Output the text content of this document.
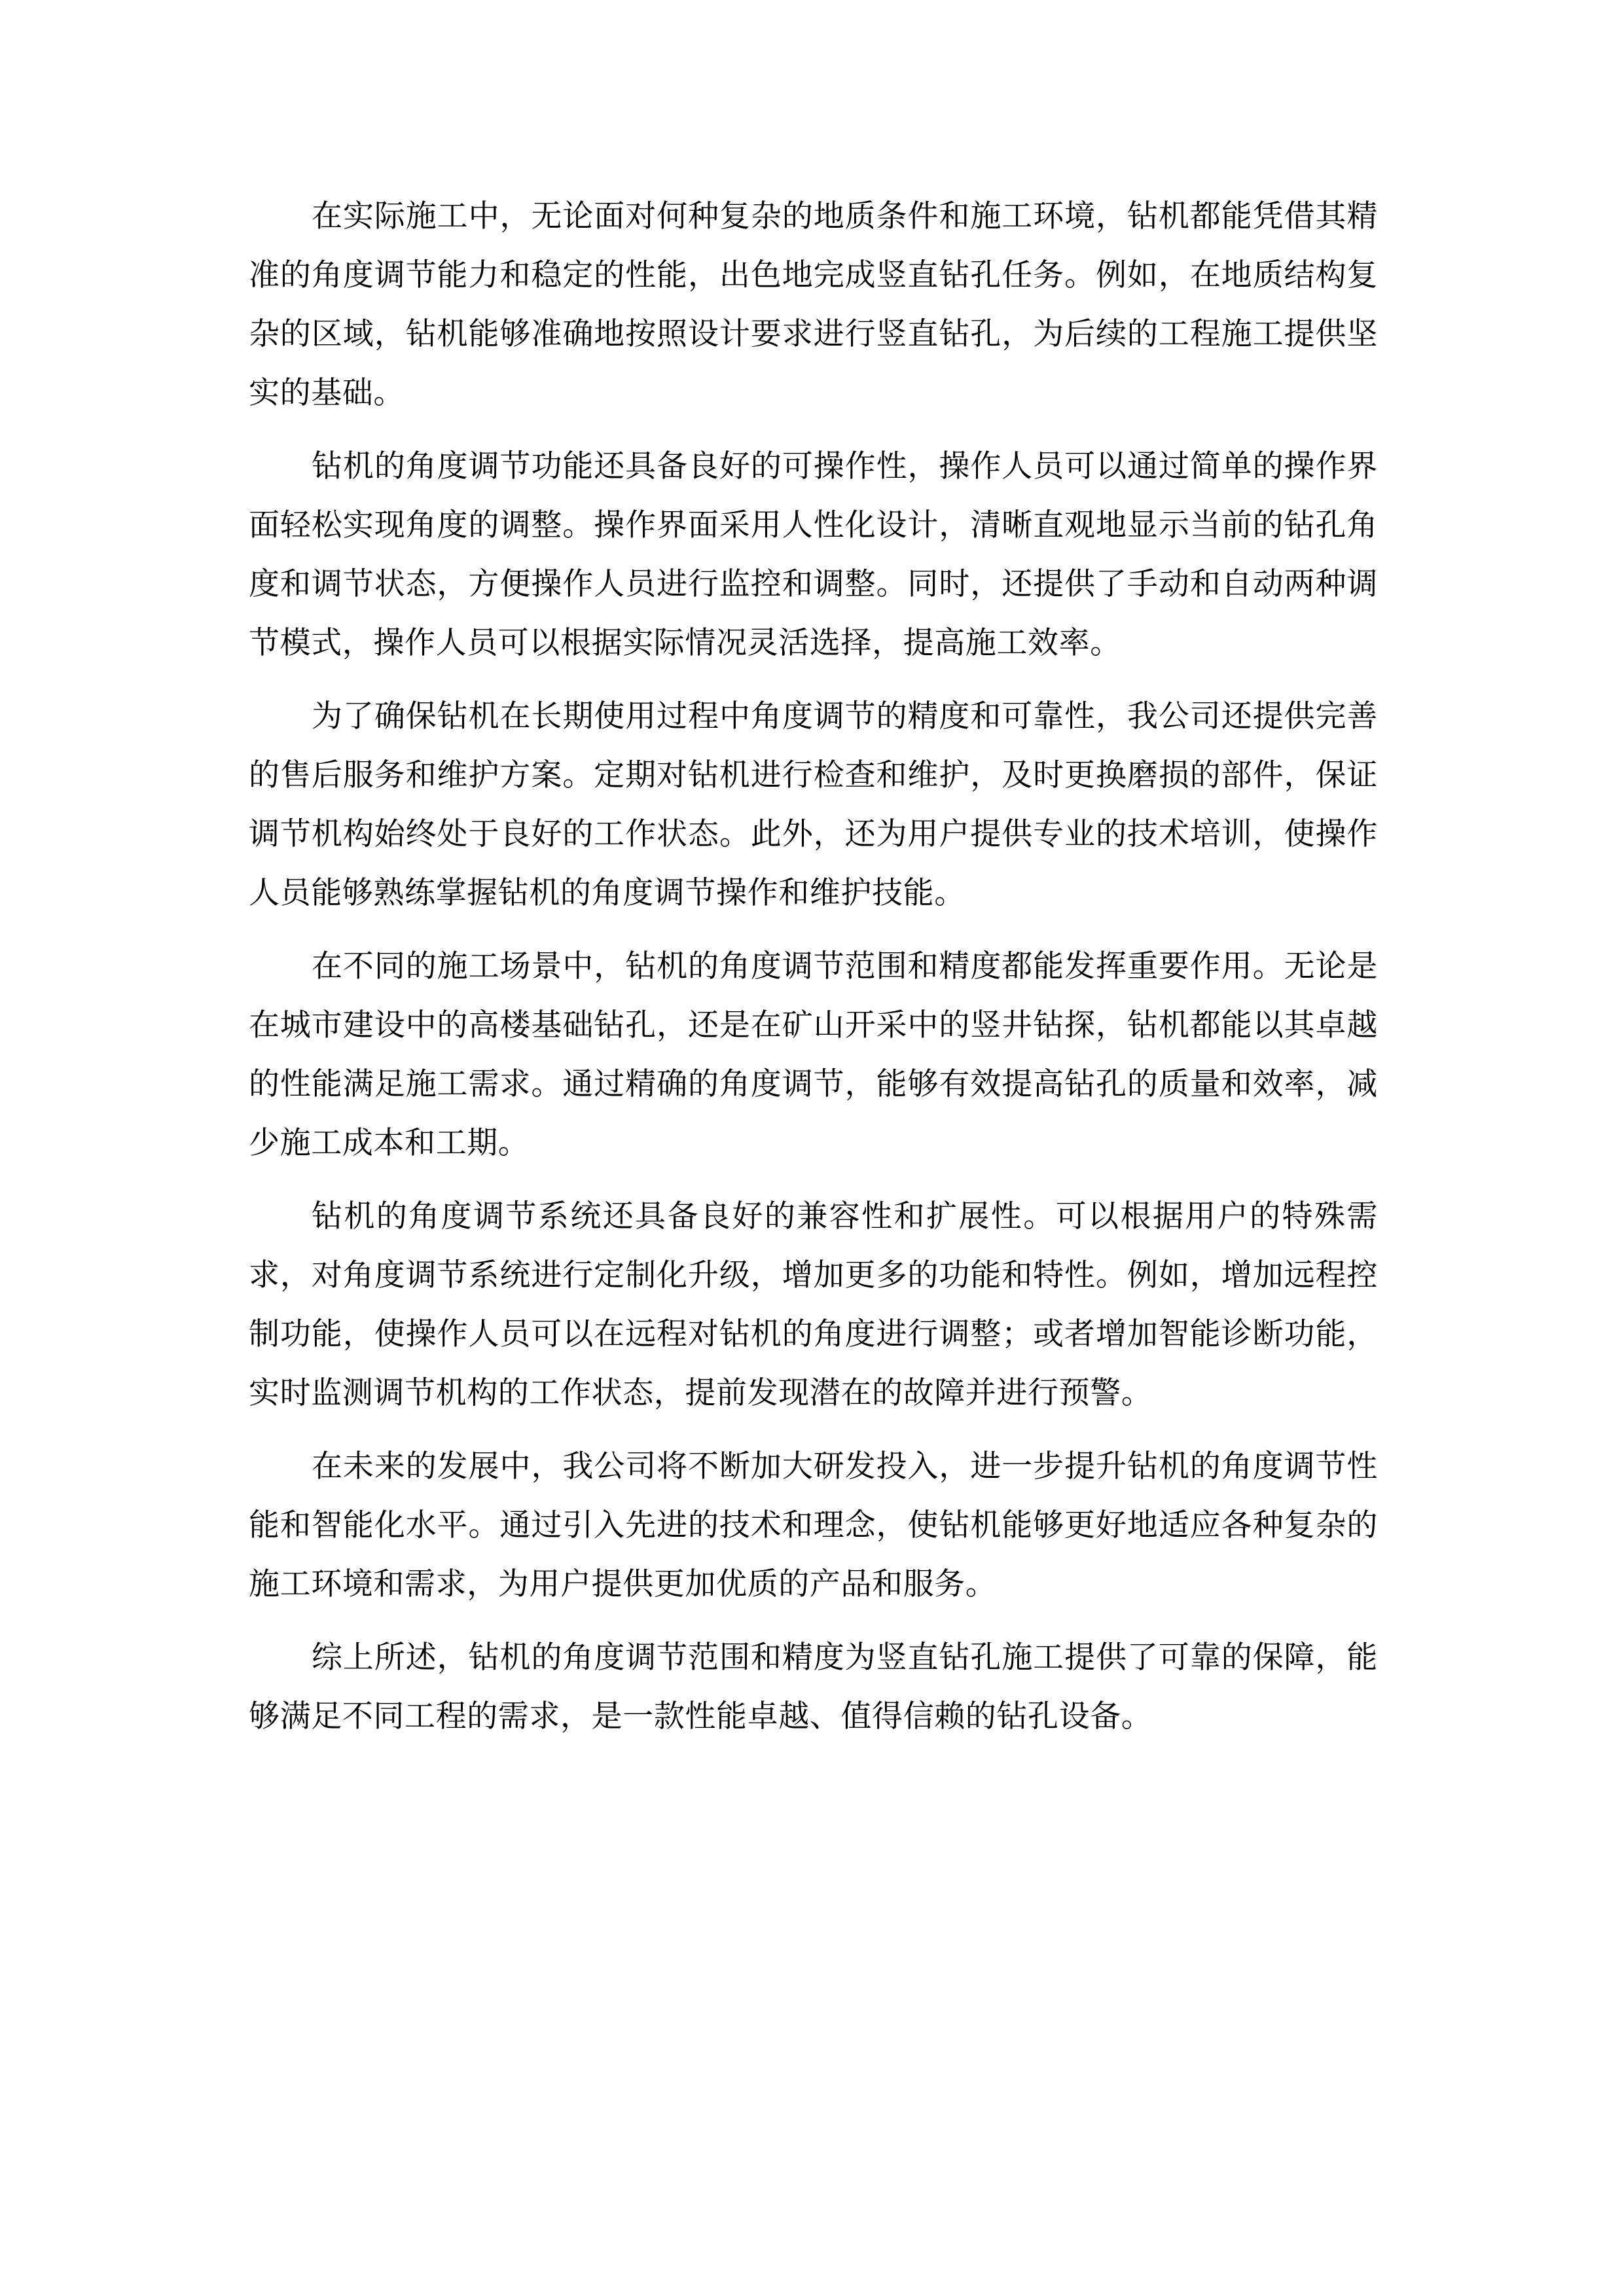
在实际施工中，无论面对何种复杂的地质条件和施工环境，钻机都能凭借其精准的角度调节能力和稳定的性能，出色地完成竖直钻孔任务。例如，在地质结构复杂的区域，钻机能够准确地按照设计要求进行竖直钻孔，为后续的工程施工提供坚实的基础。

钻机的角度调节功能还具备良好的可操作性，操作人员可以通过简单的操作界面轻松实现角度的调整。操作界面采用人性化设计，清晰直观地显示当前的钻孔角度和调节状态，方便操作人员进行监控和调整。同时，还提供了手动和自动两种调节模式，操作人员可以根据实际情况灵活选择，提高施工效率。

为了确保钻机在长期使用过程中角度调节的精度和可靠性，我公司还提供完善的售后服务和维护方案。定期对钻机进行检查和维护，及时更换磨损的部件，保证调节机构始终处于良好的工作状态。此外，还为用户提供专业的技术培训，使操作人员能够熟练掌握钻机的角度调节操作和维护技能。

在不同的施工场景中，钻机的角度调节范围和精度都能发挥重要作用。无论是在城市建设中的高楼基础钻孔，还是在矿山开采中的竖井钻探，钻机都能以其卓越的性能满足施工需求。通过精确的角度调节，能够有效提高钻孔的质量和效率，减少施工成本和工期。

钻机的角度调节系统还具备良好的兼容性和扩展性。可以根据用户的特殊需求，对角度调节系统进行定制化升级，增加更多的功能和特性。例如，增加远程控制功能，使操作人员可以在远程对钻机的角度进行调整；或者增加智能诊断功能，实时监测调节机构的工作状态，提前发现潜在的故障并进行预警。

在未来的发展中，我公司将不断加大研发投入，进一步提升钻机的角度调节性能和智能化水平。通过引入先进的技术和理念，使钻机能够更好地适应各种复杂的施工环境和需求，为用户提供更加优质的产品和服务。

综上所述，钻机的角度调节范围和精度为竖直钻孔施工提供了可靠的保障，能够满足不同工程的需求，是一款性能卓越、值得信赖的钻孔设备。
